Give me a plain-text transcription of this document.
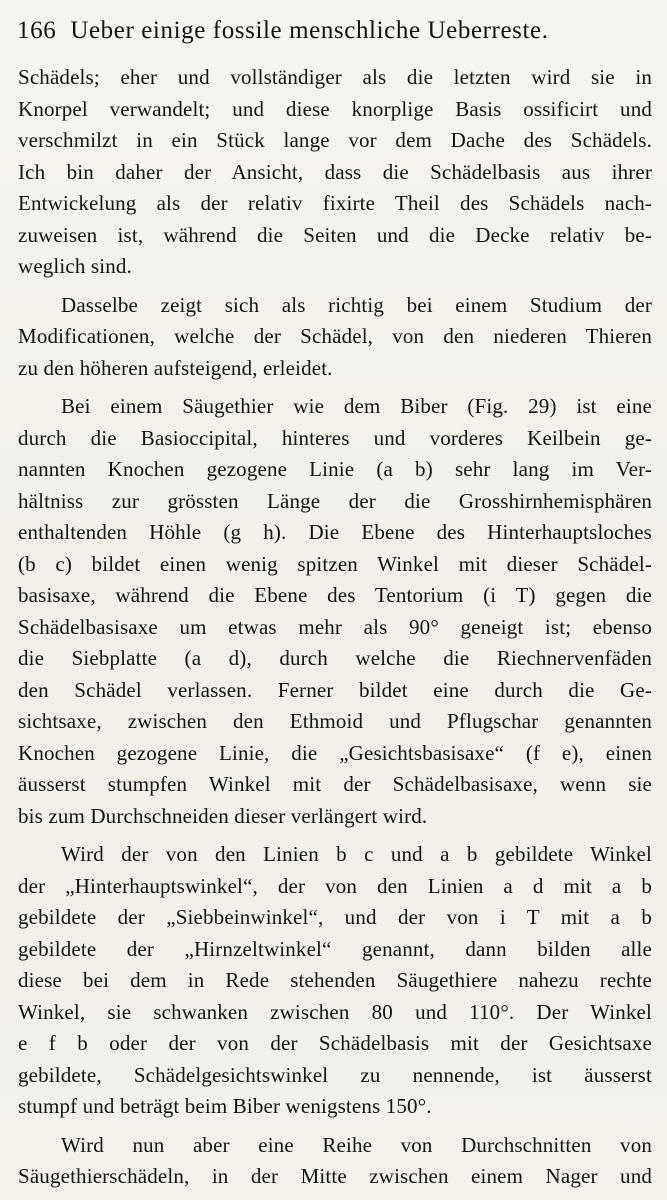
166 Ueber einige fossile menschliche Ueberreste.
Schädels; eher und vollständiger als die letzten wird sie in
Knorpel verwandelt; und diese knorplige Basis ossificirt und
verschmilzt in ein Stück lange vor dem Dache des Schädels.
Ich bin daher der Ansicht, dass die Schädelbasis aus ihrer
Entwickelung als der relativ fixirte Theil des Schädels nach-
zuweisen ist, während die Seiten und die Decke relativ be-
weglich sind.
Dasselbe zeigt sich als richtig bei einem Studium der
Modificationen, welche der Schädel, von den niederen Thieren
zu den höheren aufsteigend, erleidet.
Bei einem Säugethier wie dem Biber (Fig. 29) ist eine
durch die Basioccipital, hinteres und vorderes Keilbein ge-
nannten Knochen gezogene Linie (a b) sehr lang im Ver-
hältniss zur grössten Länge der die Grosshirnhemisphären
enthaltenden Höhle (g h). Die Ebene des Hinterhauptsloches
(b c) bildet einen wenig spitzen Winkel mit dieser Schädel-
basisaxe, während die Ebene des Tentorium (i T) gegen die
Schädelbasisaxe um etwas mehr als 90° geneigt ist; ebenso
die Siebplatte (a d), durch welche die Riechnervenfäden
den Schädel verlassen. Ferner bildet eine durch die Ge-
sichtsaxe, zwischen den Ethmoid und Pflugschar genannten
Knochen gezogene Linie, die „Gesichtsbasisaxe“ (f e), einen
äusserst stumpfen Winkel mit der Schädelbasisaxe, wenn sie
bis zum Durchschneiden dieser verlängert wird.
Wird der von den Linien b c und a b gebildete Winkel
der „Hinterhauptswinkel“, der von den Linien a d mit a b
gebildete der „Siebbeinwinkel“, und der von i T mit a b
gebildete der „Hirnzeltwinkel“ genannt, dann bilden alle
diese bei dem in Rede stehenden Säugethiere nahezu rechte
Winkel, sie schwanken zwischen 80 und 110°. Der Winkel
e f b oder der von der Schädelbasis mit der Gesichtsaxe
gebildete, Schädelgesichtswinkel zu nennende, ist äusserst
stumpf und beträgt beim Biber wenigstens 150°.
Wird nun aber eine Reihe von Durchschnitten von
Säugethierschädeln, in der Mitte zwischen einem Nager und
